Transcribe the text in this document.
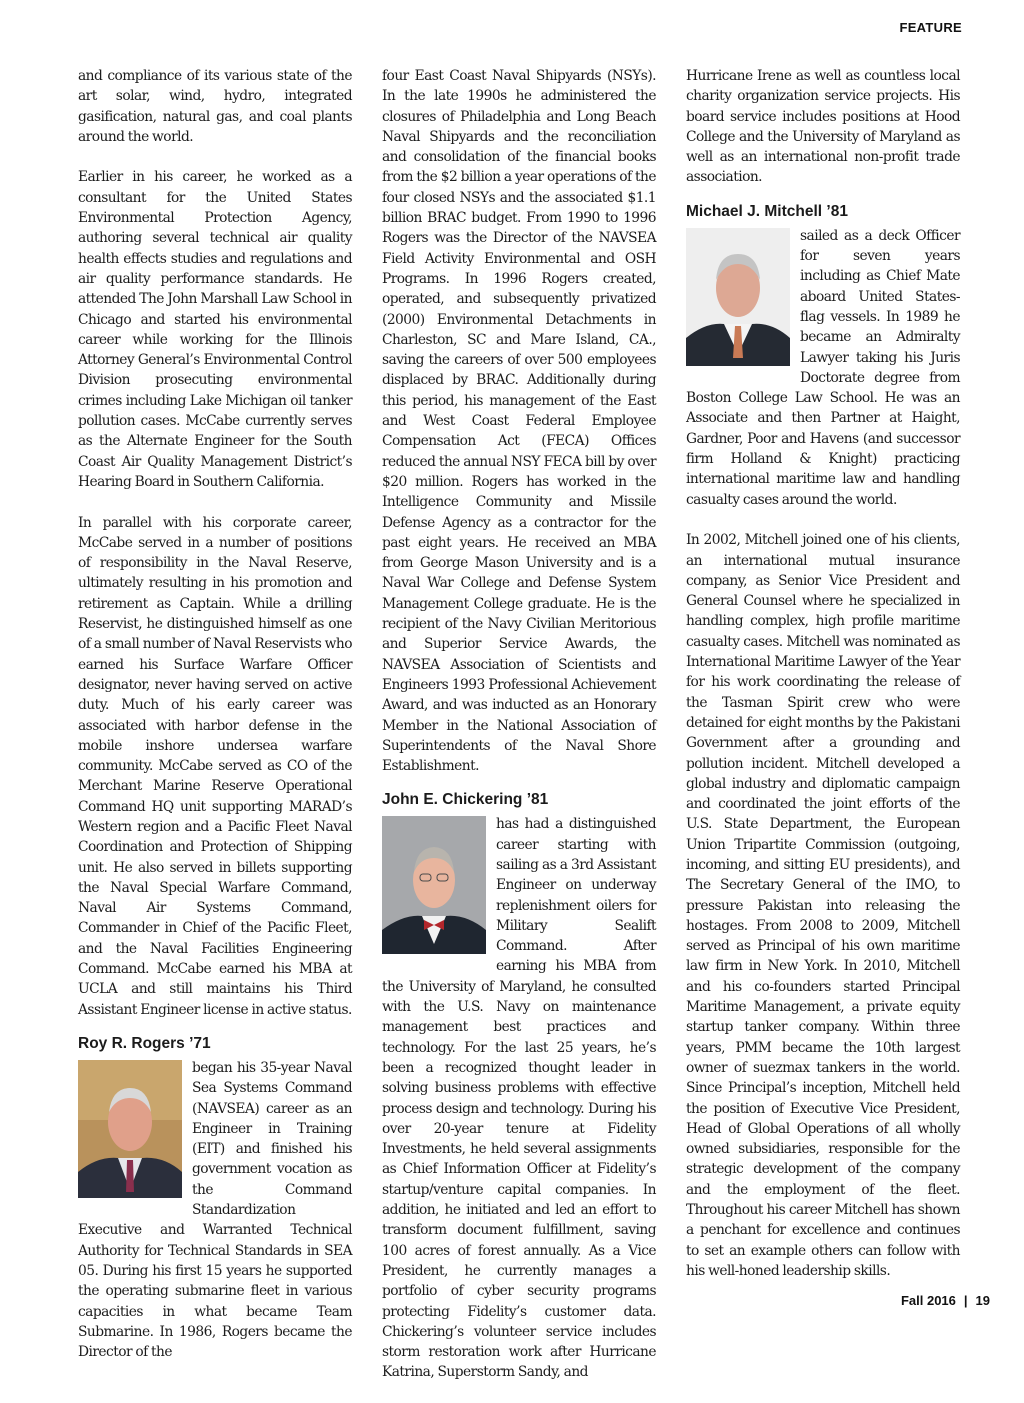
FEATURE

and compliance of its various state of the art solar, wind, hydro, integrated gasification, natural gas, and coal plants around the world.

Earlier in his career, he worked as a consultant for the United States Environmental Protection Agency, authoring several technical air quality health effects studies and regulations and air quality performance standards. He attended The John Marshall Law School in Chicago and started his environmental career while working for the Illinois Attorney General’s Environmental Control Division prosecuting environmental crimes including Lake Michigan oil tanker pollution cases. McCabe currently serves as the Alternate Engineer for the South Coast Air Quality Management District’s Hearing Board in Southern California.

In parallel with his corporate career, McCabe served in a number of positions of responsibility in the Naval Reserve, ultimately resulting in his promotion and retirement as Captain. While a drilling Reservist, he distinguished himself as one of a small number of Naval Reservists who earned his Surface Warfare Officer designator, never having served on active duty. Much of his early career was associated with harbor defense in the mobile inshore undersea warfare community. McCabe served as CO of the Merchant Marine Reserve Operational Command HQ unit supporting MARAD’s Western region and a Pacific Fleet Naval Coordination and Protection of Shipping unit. He also served in billets supporting the Naval Special Warfare Command, Naval Air Systems Command, Commander in Chief of the Pacific Fleet, and the Naval Facilities Engineering Command. McCabe earned his MBA at UCLA and still maintains his Third Assistant Engineer license in active status.

Roy R. Rogers ’71

began his 35-year Naval Sea Systems Command (NAVSEA) career as an Engineer in Training (EIT) and finished his government vocation as the Command Standardization Executive and Warranted Technical Authority for Technical Standards in SEA 05. During his first 15 years he supported the operating submarine fleet in various capacities in what became Team Submarine. In 1986, Rogers became the Director of the

four East Coast Naval Shipyards (NSYs). In the late 1990s he administered the closures of Philadelphia and Long Beach Naval Shipyards and the reconciliation and consolidation of the financial books from the $2 billion a year operations of the four closed NSYs and the associated $1.1 billion BRAC budget. From 1990 to 1996 Rogers was the Director of the NAVSEA Field Activity Environmental and OSH Programs. In 1996 Rogers created, operated, and subsequently privatized (2000) Environmental Detachments in Charleston, SC and Mare Island, CA., saving the careers of over 500 employees displaced by BRAC. Additionally during this period, his management of the East and West Coast Federal Employee Compensation Act (FECA) Offices reduced the annual NSY FECA bill by over $20 million. Rogers has worked in the Intelligence Community and Missile Defense Agency as a contractor for the past eight years. He received an MBA from George Mason University and is a Naval War College and Defense System Management College graduate. He is the recipient of the Navy Civilian Meritorious and Superior Service Awards, the NAVSEA Association of Scientists and Engineers 1993 Professional Achievement Award, and was inducted as an Honorary Member in the National Association of Superintendents of the Naval Shore Establishment.

John E. Chickering ’81

has had a distinguished career starting with sailing as a 3rd Assistant Engineer on underway replenishment oilers for Military Sealift Command. After earning his MBA from the University of Maryland, he consulted with the U.S. Navy on maintenance management best practices and technology. For the last 25 years, he’s been a recognized thought leader in solving business problems with effective process design and technology. During his over 20-year tenure at Fidelity Investments, he held several assignments as Chief Information Officer at Fidelity’s startup/venture capital companies. In addition, he initiated and led an effort to transform document fulfillment, saving 100 acres of forest annually. As a Vice President, he currently manages a portfolio of cyber security programs protecting Fidelity’s customer data. Chickering’s volunteer service includes storm restoration work after Hurricane Katrina, Superstorm Sandy, and

Hurricane Irene as well as countless local charity organization service projects. His board service includes positions at Hood College and the University of Maryland as well as an international non-profit trade association.

Michael J. Mitchell ’81

sailed as a deck Officer for seven years including as Chief Mate aboard United States-flag vessels. In 1989 he became an Admiralty Lawyer taking his Juris Doctorate degree from Boston College Law School. He was an Associate and then Partner at Haight, Gardner, Poor and Havens (and successor firm Holland & Knight) practicing international maritime law and handling casualty cases around the world.

In 2002, Mitchell joined one of his clients, an international mutual insurance company, as Senior Vice President and General Counsel where he specialized in handling complex, high profile maritime casualty cases. Mitchell was nominated as International Maritime Lawyer of the Year for his work coordinating the release of the Tasman Spirit crew who were detained for eight months by the Pakistani Government after a grounding and pollution incident. Mitchell developed a global industry and diplomatic campaign and coordinated the joint efforts of the U.S. State Department, the European Union Tripartite Commission (outgoing, incoming, and sitting EU presidents), and The Secretary General of the IMO, to pressure Pakistan into releasing the hostages. From 2008 to 2009, Mitchell served as Principal of his own maritime law firm in New York. In 2010, Mitchell and his co-founders started Principal Maritime Management, a private equity startup tanker company. Within three years, PMM became the 10th largest owner of suezmax tankers in the world. Since Principal’s inception, Mitchell held the position of Executive Vice President, Head of Global Operations of all wholly owned subsidiaries, responsible for the strategic development of the company and the employment of the fleet. Throughout his career Mitchell has shown a penchant for excellence and continues to set an example others can follow with his well-honed leadership skills.

Fall 2016 | 19
